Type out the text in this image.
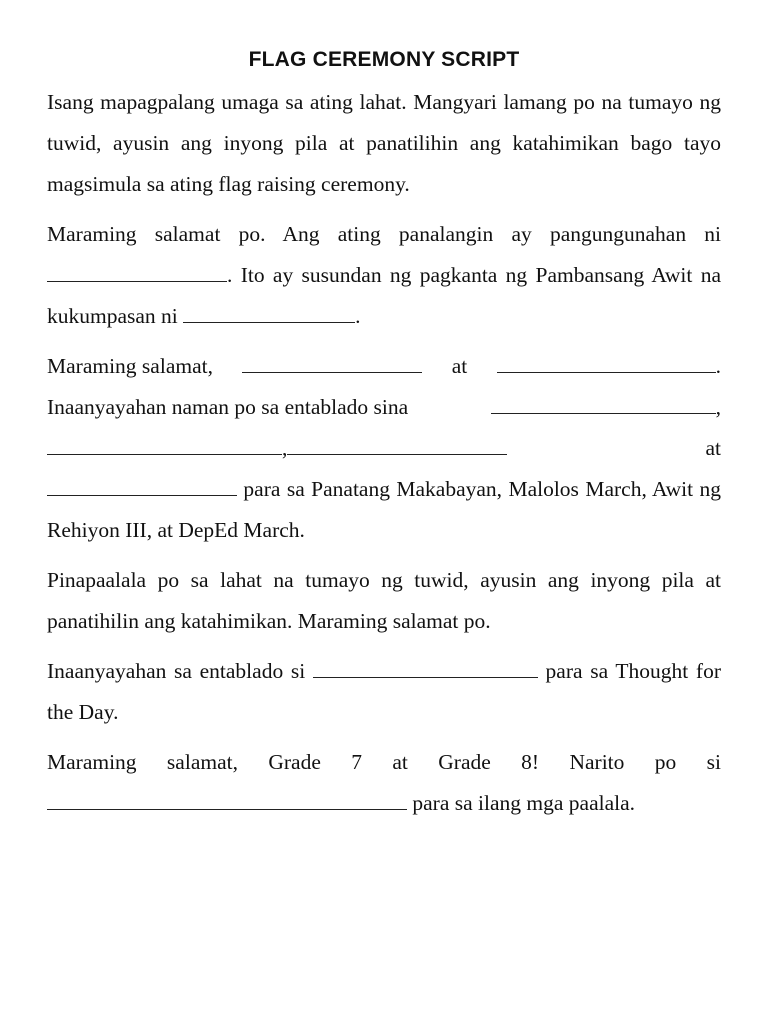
FLAG CEREMONY SCRIPT

Isang mapagpalang umaga sa ating lahat. Mangyari lamang po na tumayo ng tuwid, ayusin ang inyong pila at panatilihin ang katahimikan bago tayo magsimula sa ating flag raising ceremony.

Maraming salamat po. Ang ating panalangin ay pangungunahan ni . Ito ay susundan ng pagkanta ng Pambansang Awit na kukumpasan ni	.

Maraming salamat,	at	.
Inaanyayahan naman po sa entablado sina	,
,	at
para sa Panatang Makabayan, Malolos March, Awit ng Rehiyon III, at DepEd March.

Pinapaalala po sa lahat na tumayo ng tuwid, ayusin ang inyong pila at panatihilin ang katahimikan. Maraming salamat po.

Inaanyayahan sa entablado si	para sa Thought for the Day.

Maraming salamat, Grade 7 at Grade 8! Narito po si  para sa ilang mga paalala.
